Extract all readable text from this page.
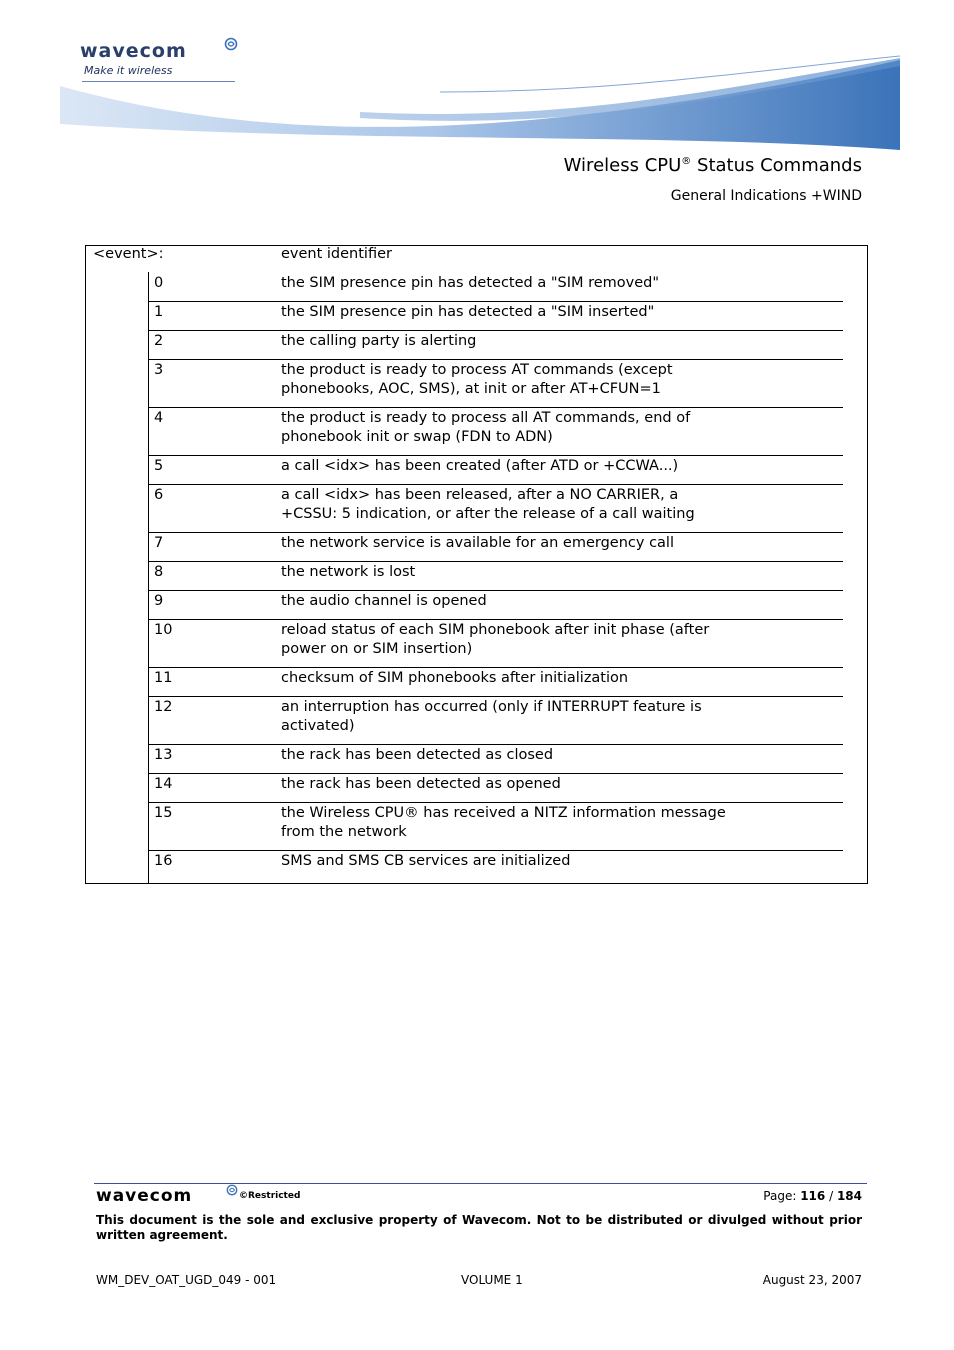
wavecom
Make it wireless
Wireless CPU® Status Commands
General Indications +WIND
<event>:	event identifier
0	the SIM presence pin has detected a "SIM removed"
1	the SIM presence pin has detected a "SIM inserted"
2	the calling party is alerting
3	the product is ready to process AT commands (except
phonebooks, AOC, SMS), at init or after AT+CFUN=1
4	the product is ready to process all AT commands, end of
phonebook init or swap (FDN to ADN)
5	a call <idx> has been created (after ATD or +CCWA...)
6	a call <idx> has been released, after a NO CARRIER, a
+CSSU: 5 indication, or after the release of a call waiting
7	the network service is available for an emergency call
8	the network is lost
9	the audio channel is opened
10	reload status of each SIM phonebook after init phase (after
power on or SIM insertion)
11	checksum of SIM phonebooks after initialization
12	an interruption has occurred (only if INTERRUPT feature is
activated)
13	the rack has been detected as closed
14	the rack has been detected as opened
15	the Wireless CPU® has received a NITZ information message
from the network
16	SMS and SMS CB services are initialized
wavecom	©Restricted	Page: 116 / 184
This document is the sole and exclusive property of Wavecom. Not to be distributed or divulged without prior written agreement.
WM_DEV_OAT_UGD_049 - 001	VOLUME 1	August 23, 2007
